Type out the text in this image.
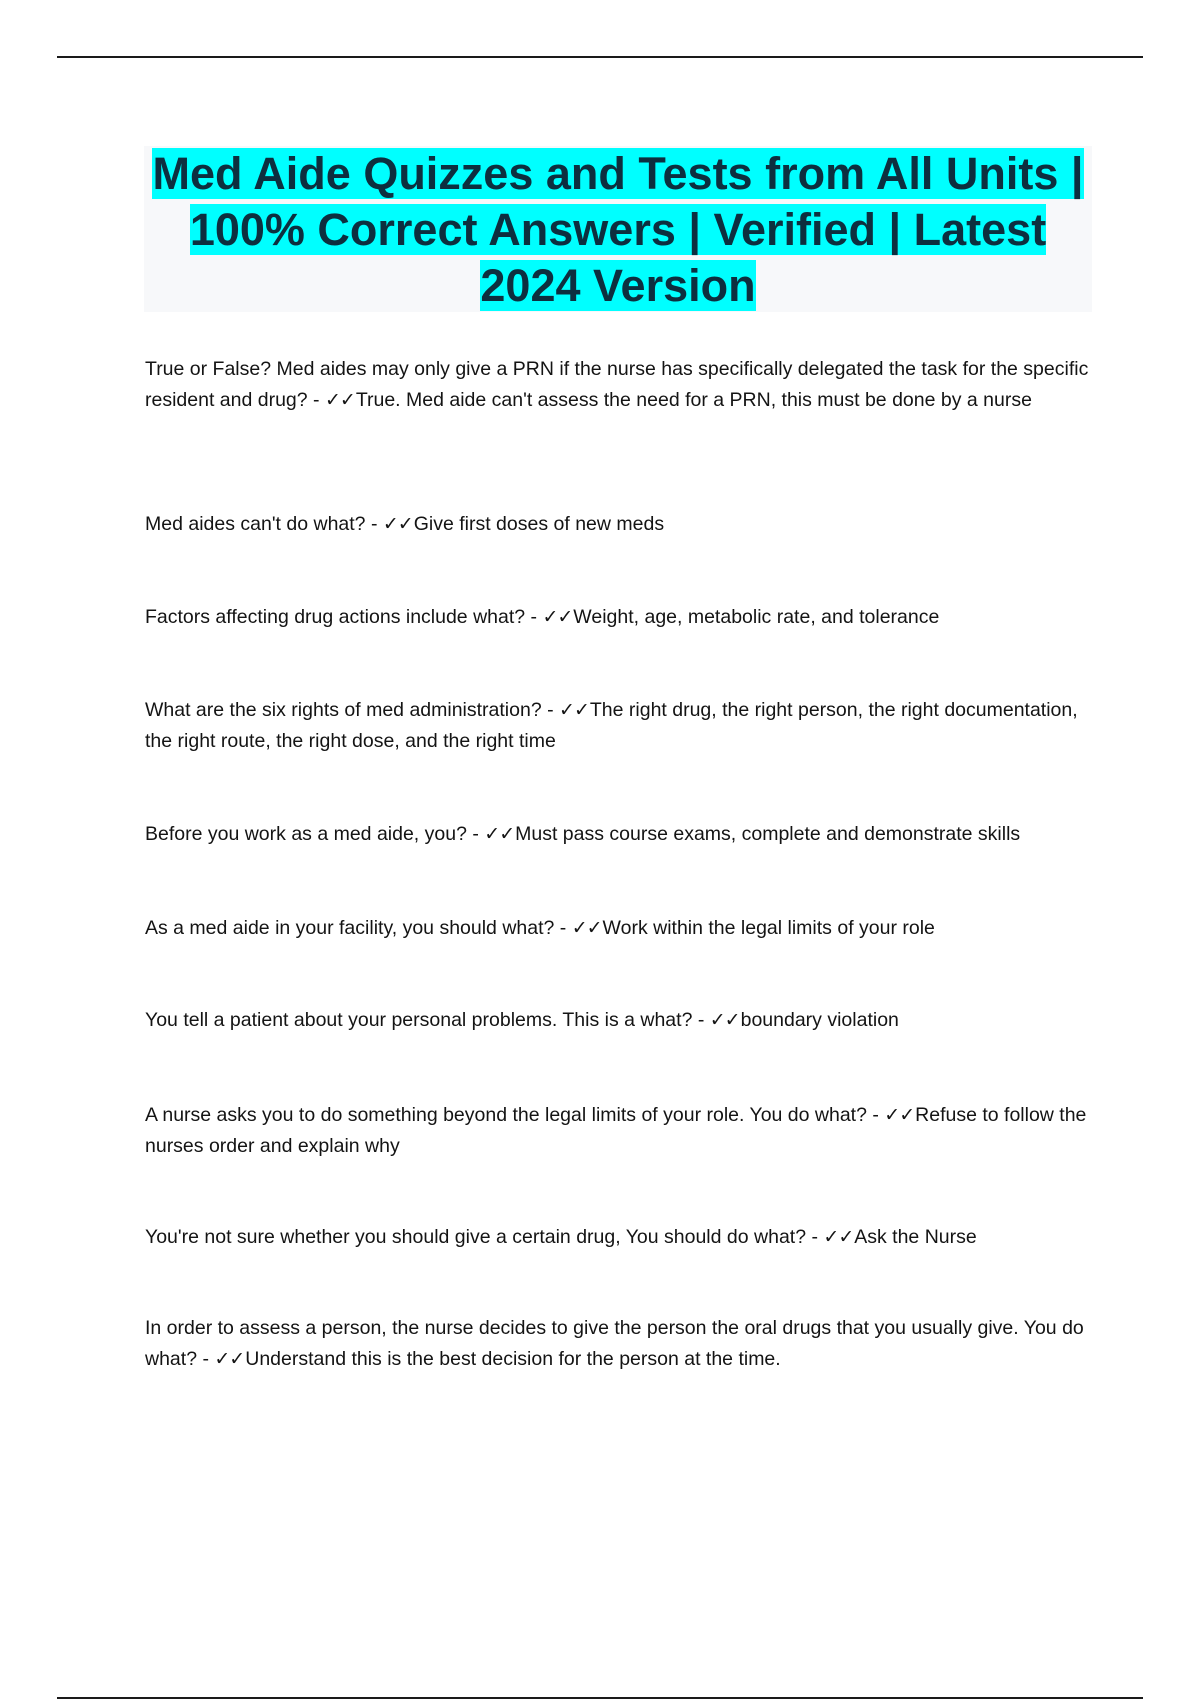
Med Aide Quizzes and Tests from All Units | 100% Correct Answers | Verified | Latest 2024 Version
True or False? Med aides may only give a PRN if the nurse has specifically delegated the task for the specific resident and drug? - ✓✓True. Med aide can't assess the need for a PRN, this must be done by a nurse
Med aides can't do what? - ✓✓Give first doses of new meds
Factors affecting drug actions include what? - ✓✓Weight, age, metabolic rate, and tolerance
What are the six rights of med administration? - ✓✓The right drug, the right person, the right documentation, the right route, the right dose, and the right time
Before you work as a med aide, you? - ✓✓Must pass course exams, complete and demonstrate skills
As a med aide in your facility, you should what? - ✓✓Work within the legal limits of your role
You tell a patient about your personal problems. This is a what? - ✓✓boundary violation
A nurse asks you to do something beyond the legal limits of your role. You do what? - ✓✓Refuse to follow the nurses order and explain why
You're not sure whether you should give a certain drug, You should do what? - ✓✓Ask the Nurse
In order to assess a person, the nurse decides to give the person the oral drugs that you usually give. You do what? - ✓✓Understand this is the best decision for the person at the time.
